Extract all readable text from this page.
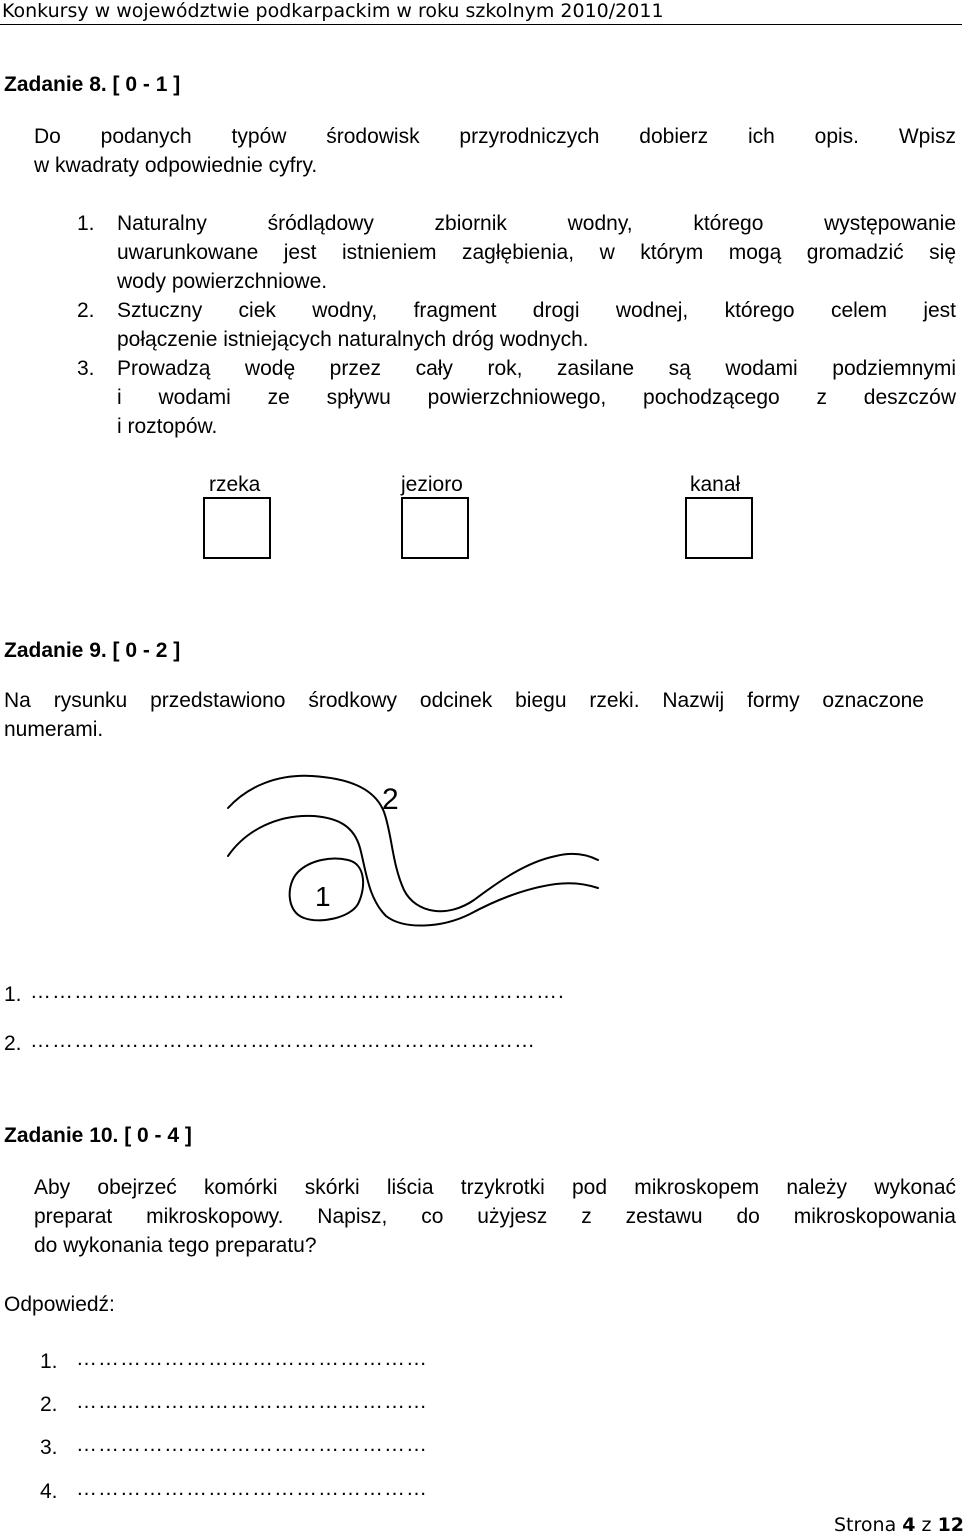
Konkursy w województwie podkarpackim w roku szkolnym 2010/2011
Zadanie 8. [ 0 - 1 ]
Do podanych typów środowisk przyrodniczych dobierz ich opis. Wpisz
w kwadraty odpowiednie cyfry.
1. Naturalny śródlądowy zbiornik wodny, którego występowanie
uwarunkowane jest istnieniem zagłębienia, w którym mogą gromadzić się
wody powierzchniowe.
2. Sztuczny ciek wodny, fragment drogi wodnej, którego celem jest
połączenie istniejących naturalnych dróg wodnych.
3. Prowadzą wodę przez cały rok, zasilane są wodami podziemnymi
i wodami ze spływu powierzchniowego, pochodzącego z deszczów
i roztopów.
rzeka	jezioro	kanał
Zadanie 9. [ 0 - 2 ]
Na rysunku przedstawiono środkowy odcinek biegu rzeki. Nazwij formy oznaczone
numerami.
2
1
1. ……………………………………………………………….
2. ……………………………………………………………
Zadanie 10. [ 0 - 4 ]
Aby obejrzeć komórki skórki liścia trzykrotki pod mikroskopem należy wykonać
preparat mikroskopowy. Napisz, co użyjesz z zestawu do mikroskopowania
do wykonania tego preparatu?
Odpowiedź:
1. …………………………………………
2. …………………………………………
3. …………………………………………
4. …………………………………………
Strona 4 z 12
